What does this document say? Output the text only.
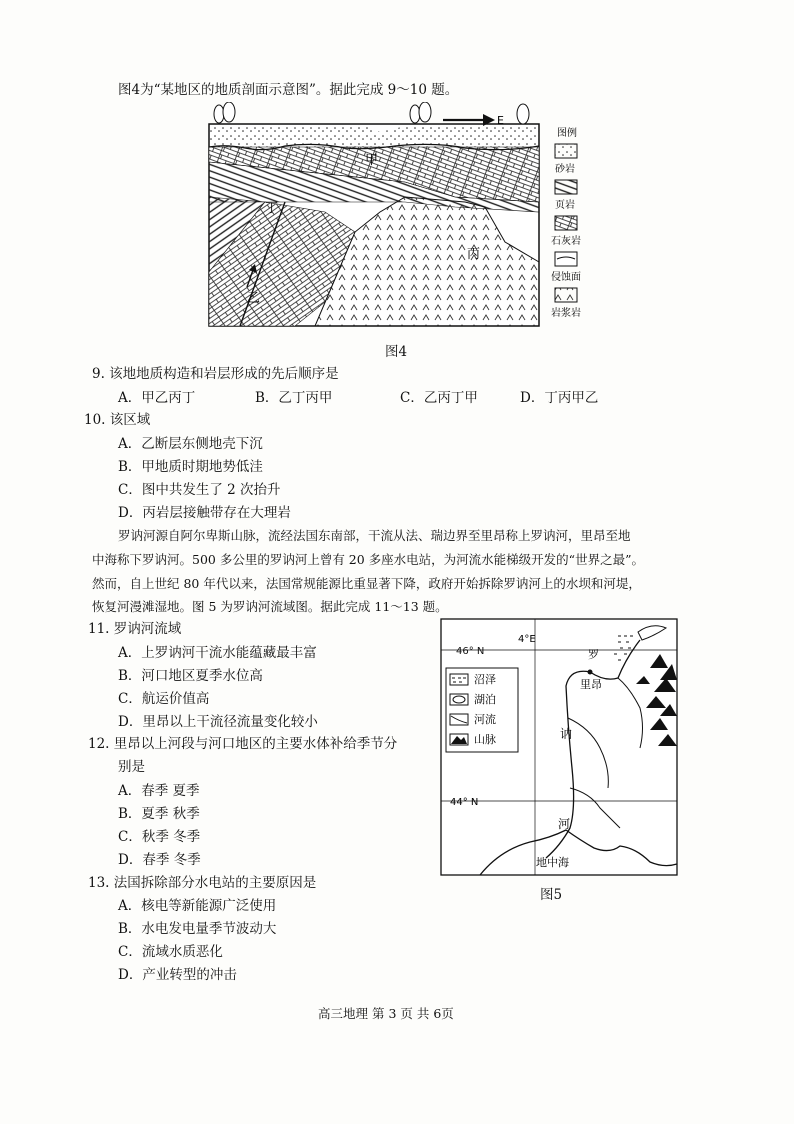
图4为“某地区的地质剖面示意图”。据此完成 9～10 题。
E
甲
丁
丙
乙
图例
砂岩
页岩
石灰岩
侵蚀面
岩浆岩
图4
9. 该地地质构造和岩层形成的先后顺序是
A．甲乙丙丁	B．乙丁丙甲	C．乙丙丁甲	D．丁丙甲乙
10. 该区域
A．乙断层东侧地壳下沉
B．甲地质时期地势低洼
C．图中共发生了 2 次抬升
D．丙岩层接触带存在大理岩
罗讷河源自阿尔卑斯山脉，流经法国东南部，干流从法、瑞边界至里昂称上罗讷河，里昂至地
中海称下罗讷河。500 多公里的罗讷河上曾有 20 多座水电站，为河流水能梯级开发的“世界之最”。
然而，自上世纪 80 年代以来，法国常规能源比重显著下降，政府开始拆除罗讷河上的水坝和河堤，
恢复河漫滩湿地。图 5 为罗讷河流域图。据此完成 11～13 题。
11. 罗讷河流域
A．上罗讷河干流水能蕴藏最丰富
B．河口地区夏季水位高
C．航运价值高
D．里昂以上干流径流量变化较小
12. 里昂以上河段与河口地区的主要水体补给季节分
别是
A．春季 夏季
B．夏季 秋季
C．秋季 冬季
D．春季 冬季
13. 法国拆除部分水电站的主要原因是
A．核电等新能源广泛使用
B．水电发电量季节波动大
C．流域水质恶化
D．产业转型的冲击
4°E
46° N
44° N
沼泽
湖泊
河流
山脉
罗
里昂
讷
河
地中海
图5
高三地理 第 3 页 共 6页
